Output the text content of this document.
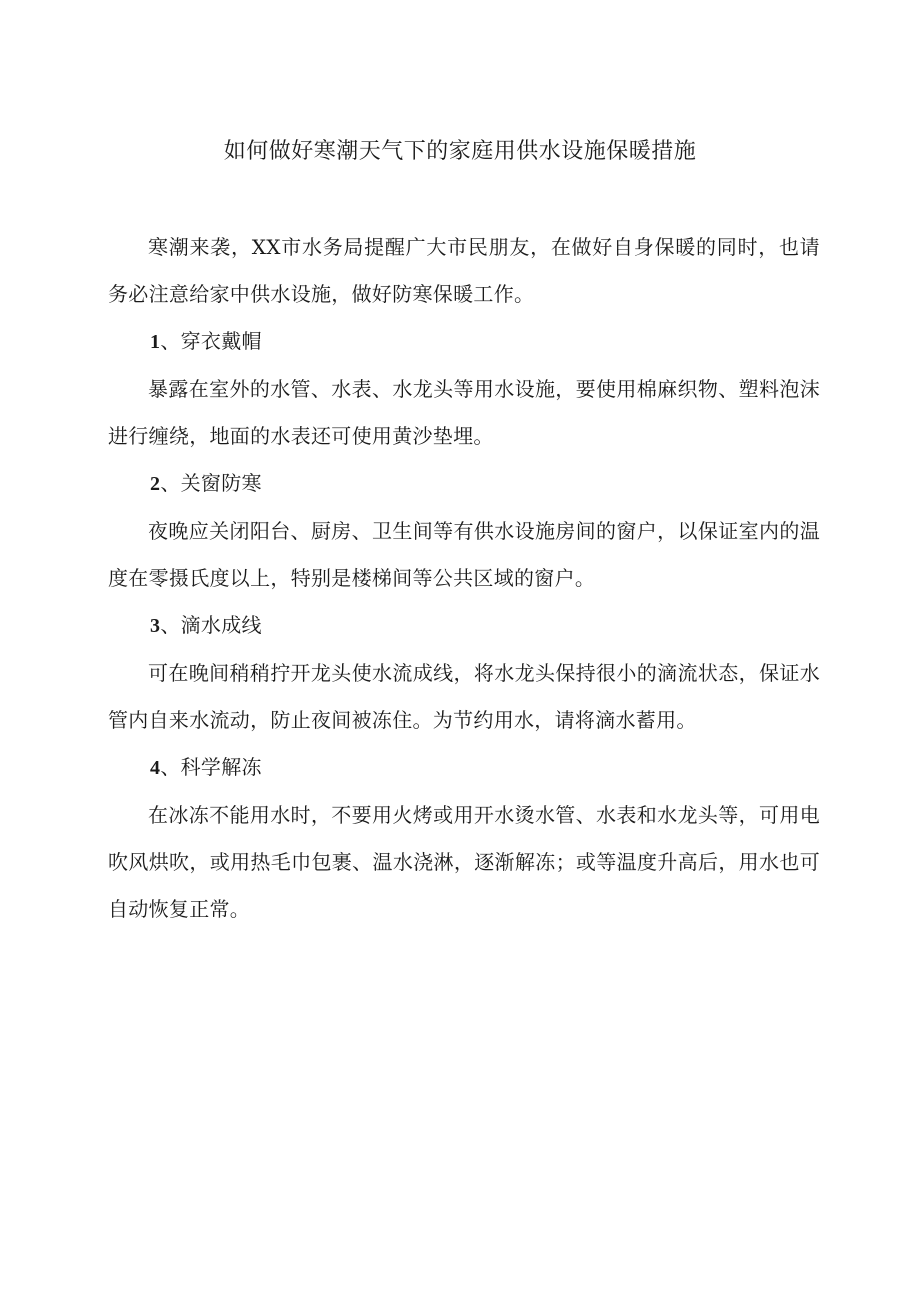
如何做好寒潮天气下的家庭用供水设施保暖措施

寒潮来袭，XX市水务局提醒广大市民朋友，在做好自身保暖的同时，也请务必注意给家中供水设施，做好防寒保暖工作。

1、穿衣戴帽

暴露在室外的水管、水表、水龙头等用水设施，要使用棉麻织物、塑料泡沫进行缠绕，地面的水表还可使用黄沙垫埋。

2、关窗防寒

夜晚应关闭阳台、厨房、卫生间等有供水设施房间的窗户，以保证室内的温度在零摄氏度以上，特别是楼梯间等公共区域的窗户。

3、滴水成线

可在晚间稍稍拧开龙头使水流成线，将水龙头保持很小的滴流状态，保证水管内自来水流动，防止夜间被冻住。为节约用水，请将滴水蓄用。

4、科学解冻

在冰冻不能用水时，不要用火烤或用开水烫水管、水表和水龙头等，可用电吹风烘吹，或用热毛巾包裹、温水浇淋，逐渐解冻；或等温度升高后，用水也可自动恢复正常。
